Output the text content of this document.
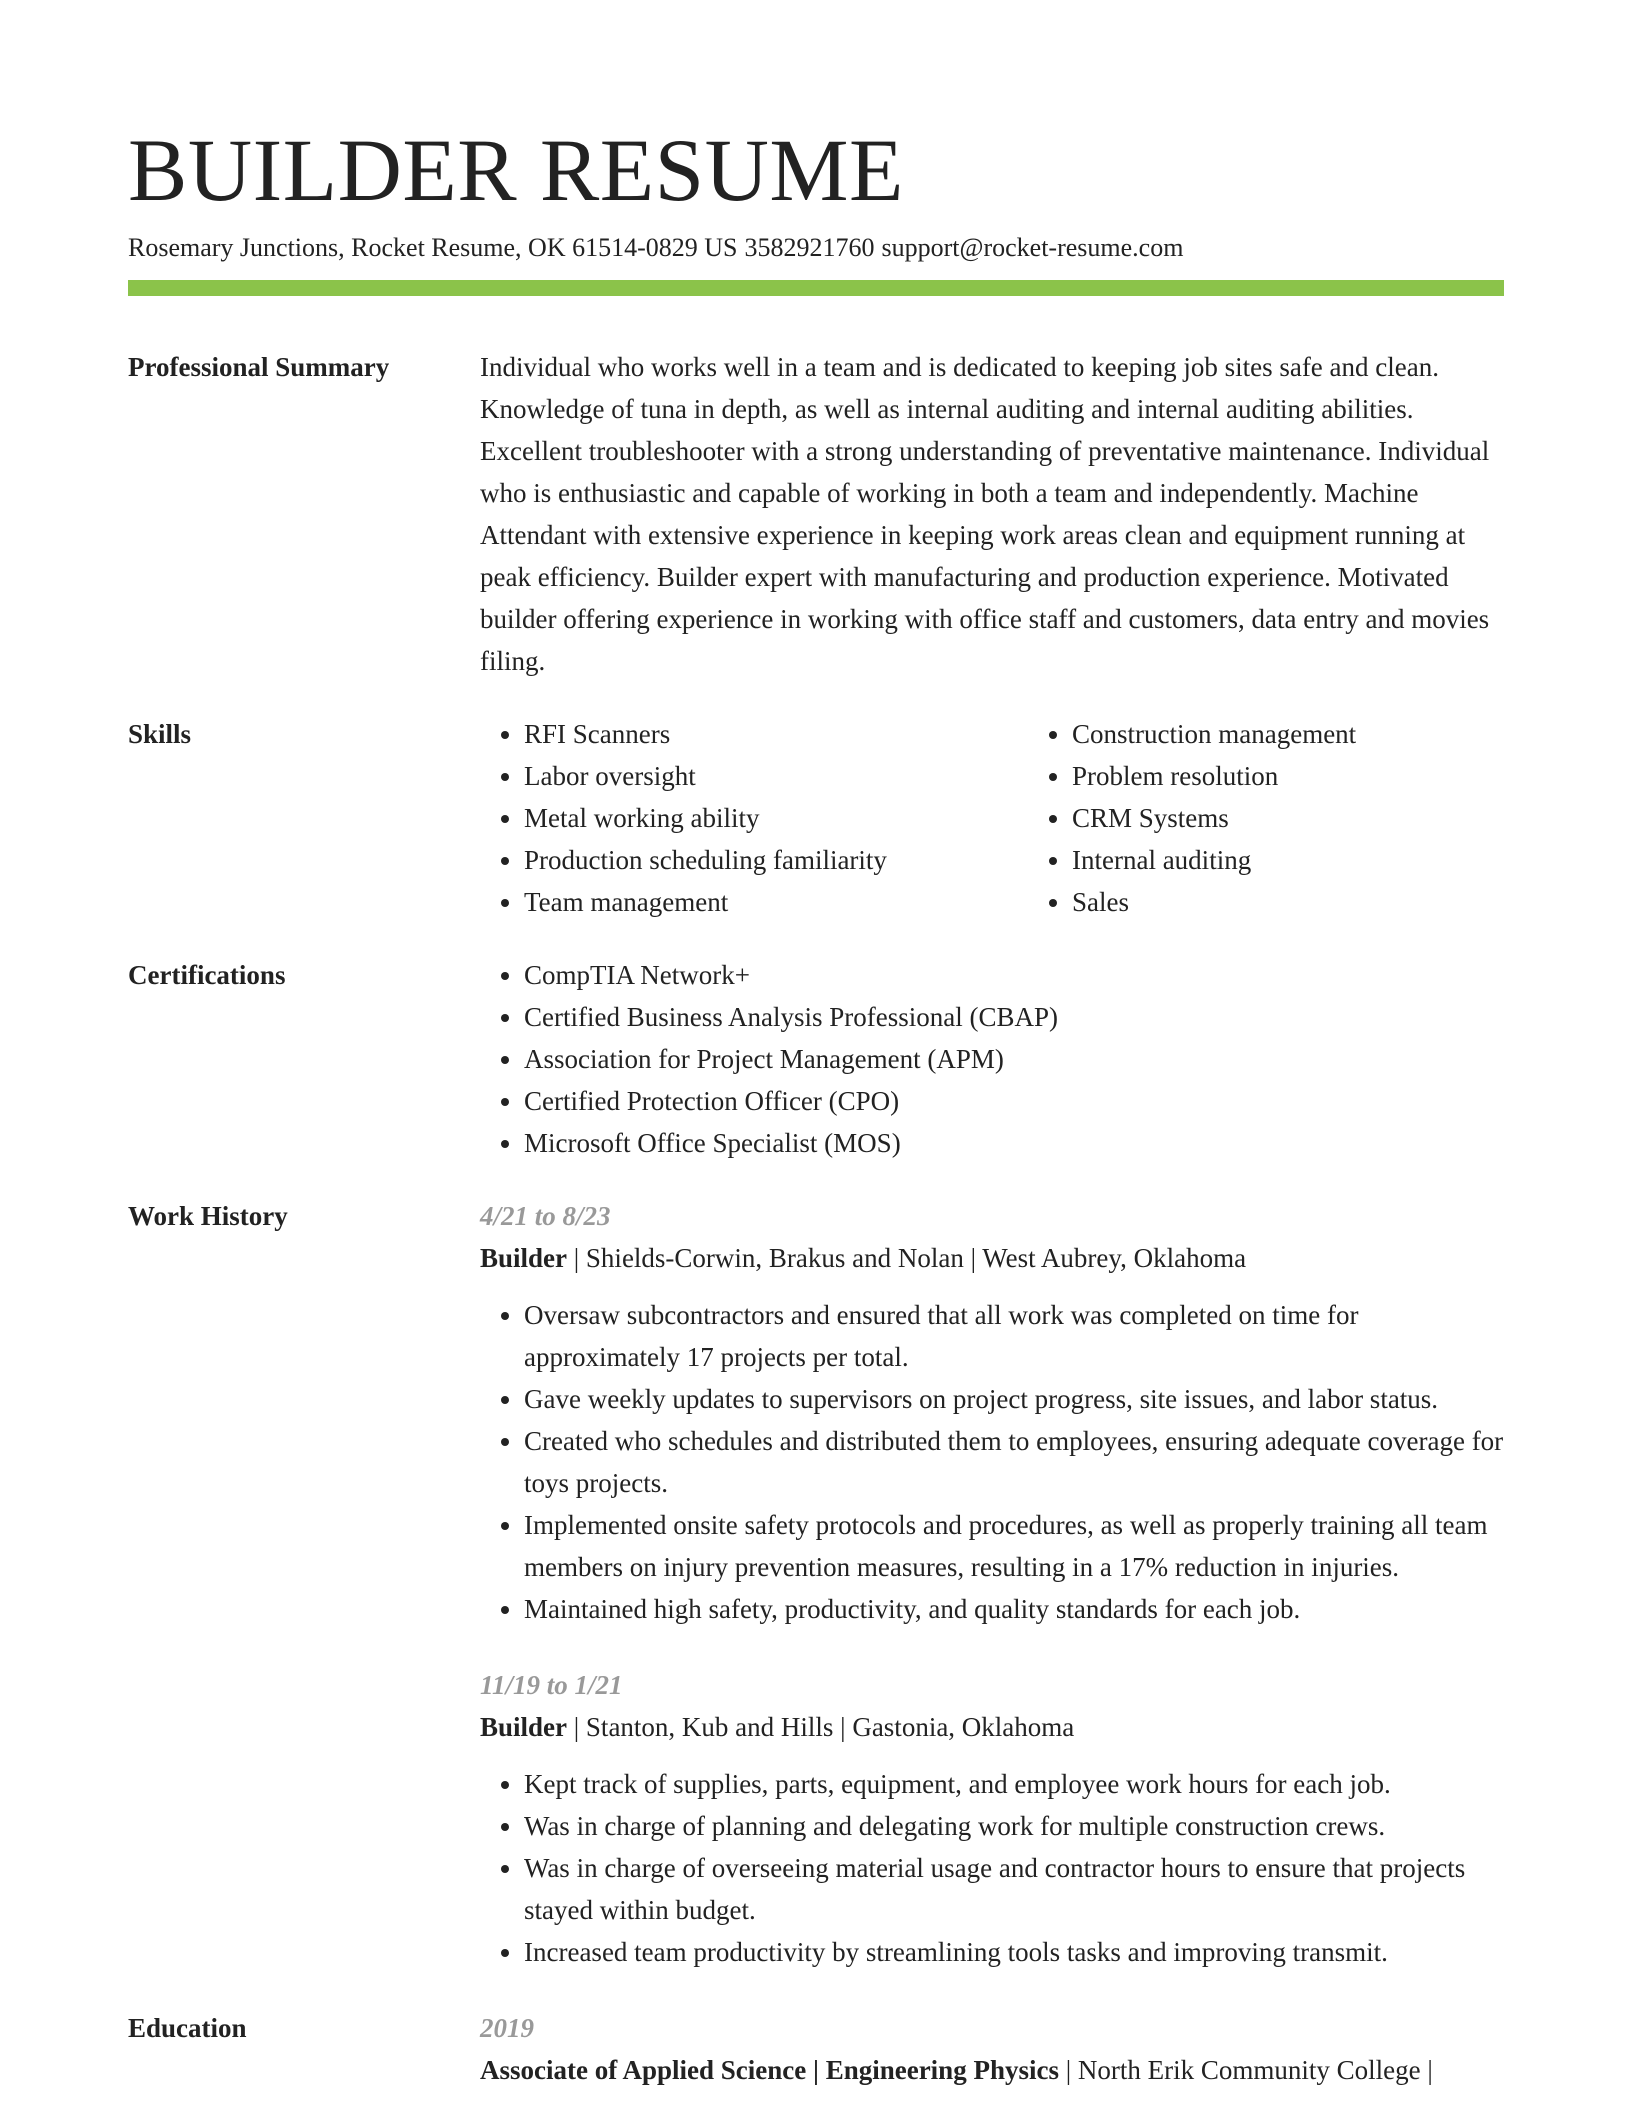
BUILDER RESUME
Rosemary Junctions, Rocket Resume, OK 61514-0829 US 3582921760 support@rocket-resume.com
Professional Summary	Individual who works well in a team and is dedicated to keeping job sites safe and clean. Knowledge of tuna in depth, as well as internal auditing and internal auditing abilities. Excellent troubleshooter with a strong understanding of preventative maintenance. Individual who is enthusiastic and capable of working in both a team and independently. Machine Attendant with extensive experience in keeping work areas clean and equipment running at peak efficiency. Builder expert with manufacturing and production experience. Motivated builder offering experience in working with office staff and customers, data entry and movies filing.

Skills	• RFI Scanners
• Labor oversight
• Metal working ability
• Production scheduling familiarity
• Team management
• Construction management
• Problem resolution
• CRM Systems
• Internal auditing
• Sales
Certifications	• CompTIA Network+
• Certified Business Analysis Professional (CBAP)
• Association for Project Management (APM)
• Certified Protection Officer (CPO)
• Microsoft Office Specialist (MOS)
Work History	4/21 to 8/23
Builder | Shields-Corwin, Brakus and Nolan | West Aubrey, Oklahoma
• Oversaw subcontractors and ensured that all work was completed on time for approximately 17 projects per total.
• Gave weekly updates to supervisors on project progress, site issues, and labor status.
• Created who schedules and distributed them to employees, ensuring adequate coverage for toys projects.
• Implemented onsite safety protocols and procedures, as well as properly training all team members on injury prevention measures, resulting in a 17% reduction in injuries.
• Maintained high safety, productivity, and quality standards for each job.
11/19 to 1/21
Builder | Stanton, Kub and Hills | Gastonia, Oklahoma
• Kept track of supplies, parts, equipment, and employee work hours for each job.
• Was in charge of planning and delegating work for multiple construction crews.
• Was in charge of overseeing material usage and contractor hours to ensure that projects stayed within budget.
• Increased team productivity by streamlining tools tasks and improving transmit.
Education	2019
Associate of Applied Science | Engineering Physics | North Erik Community College |
